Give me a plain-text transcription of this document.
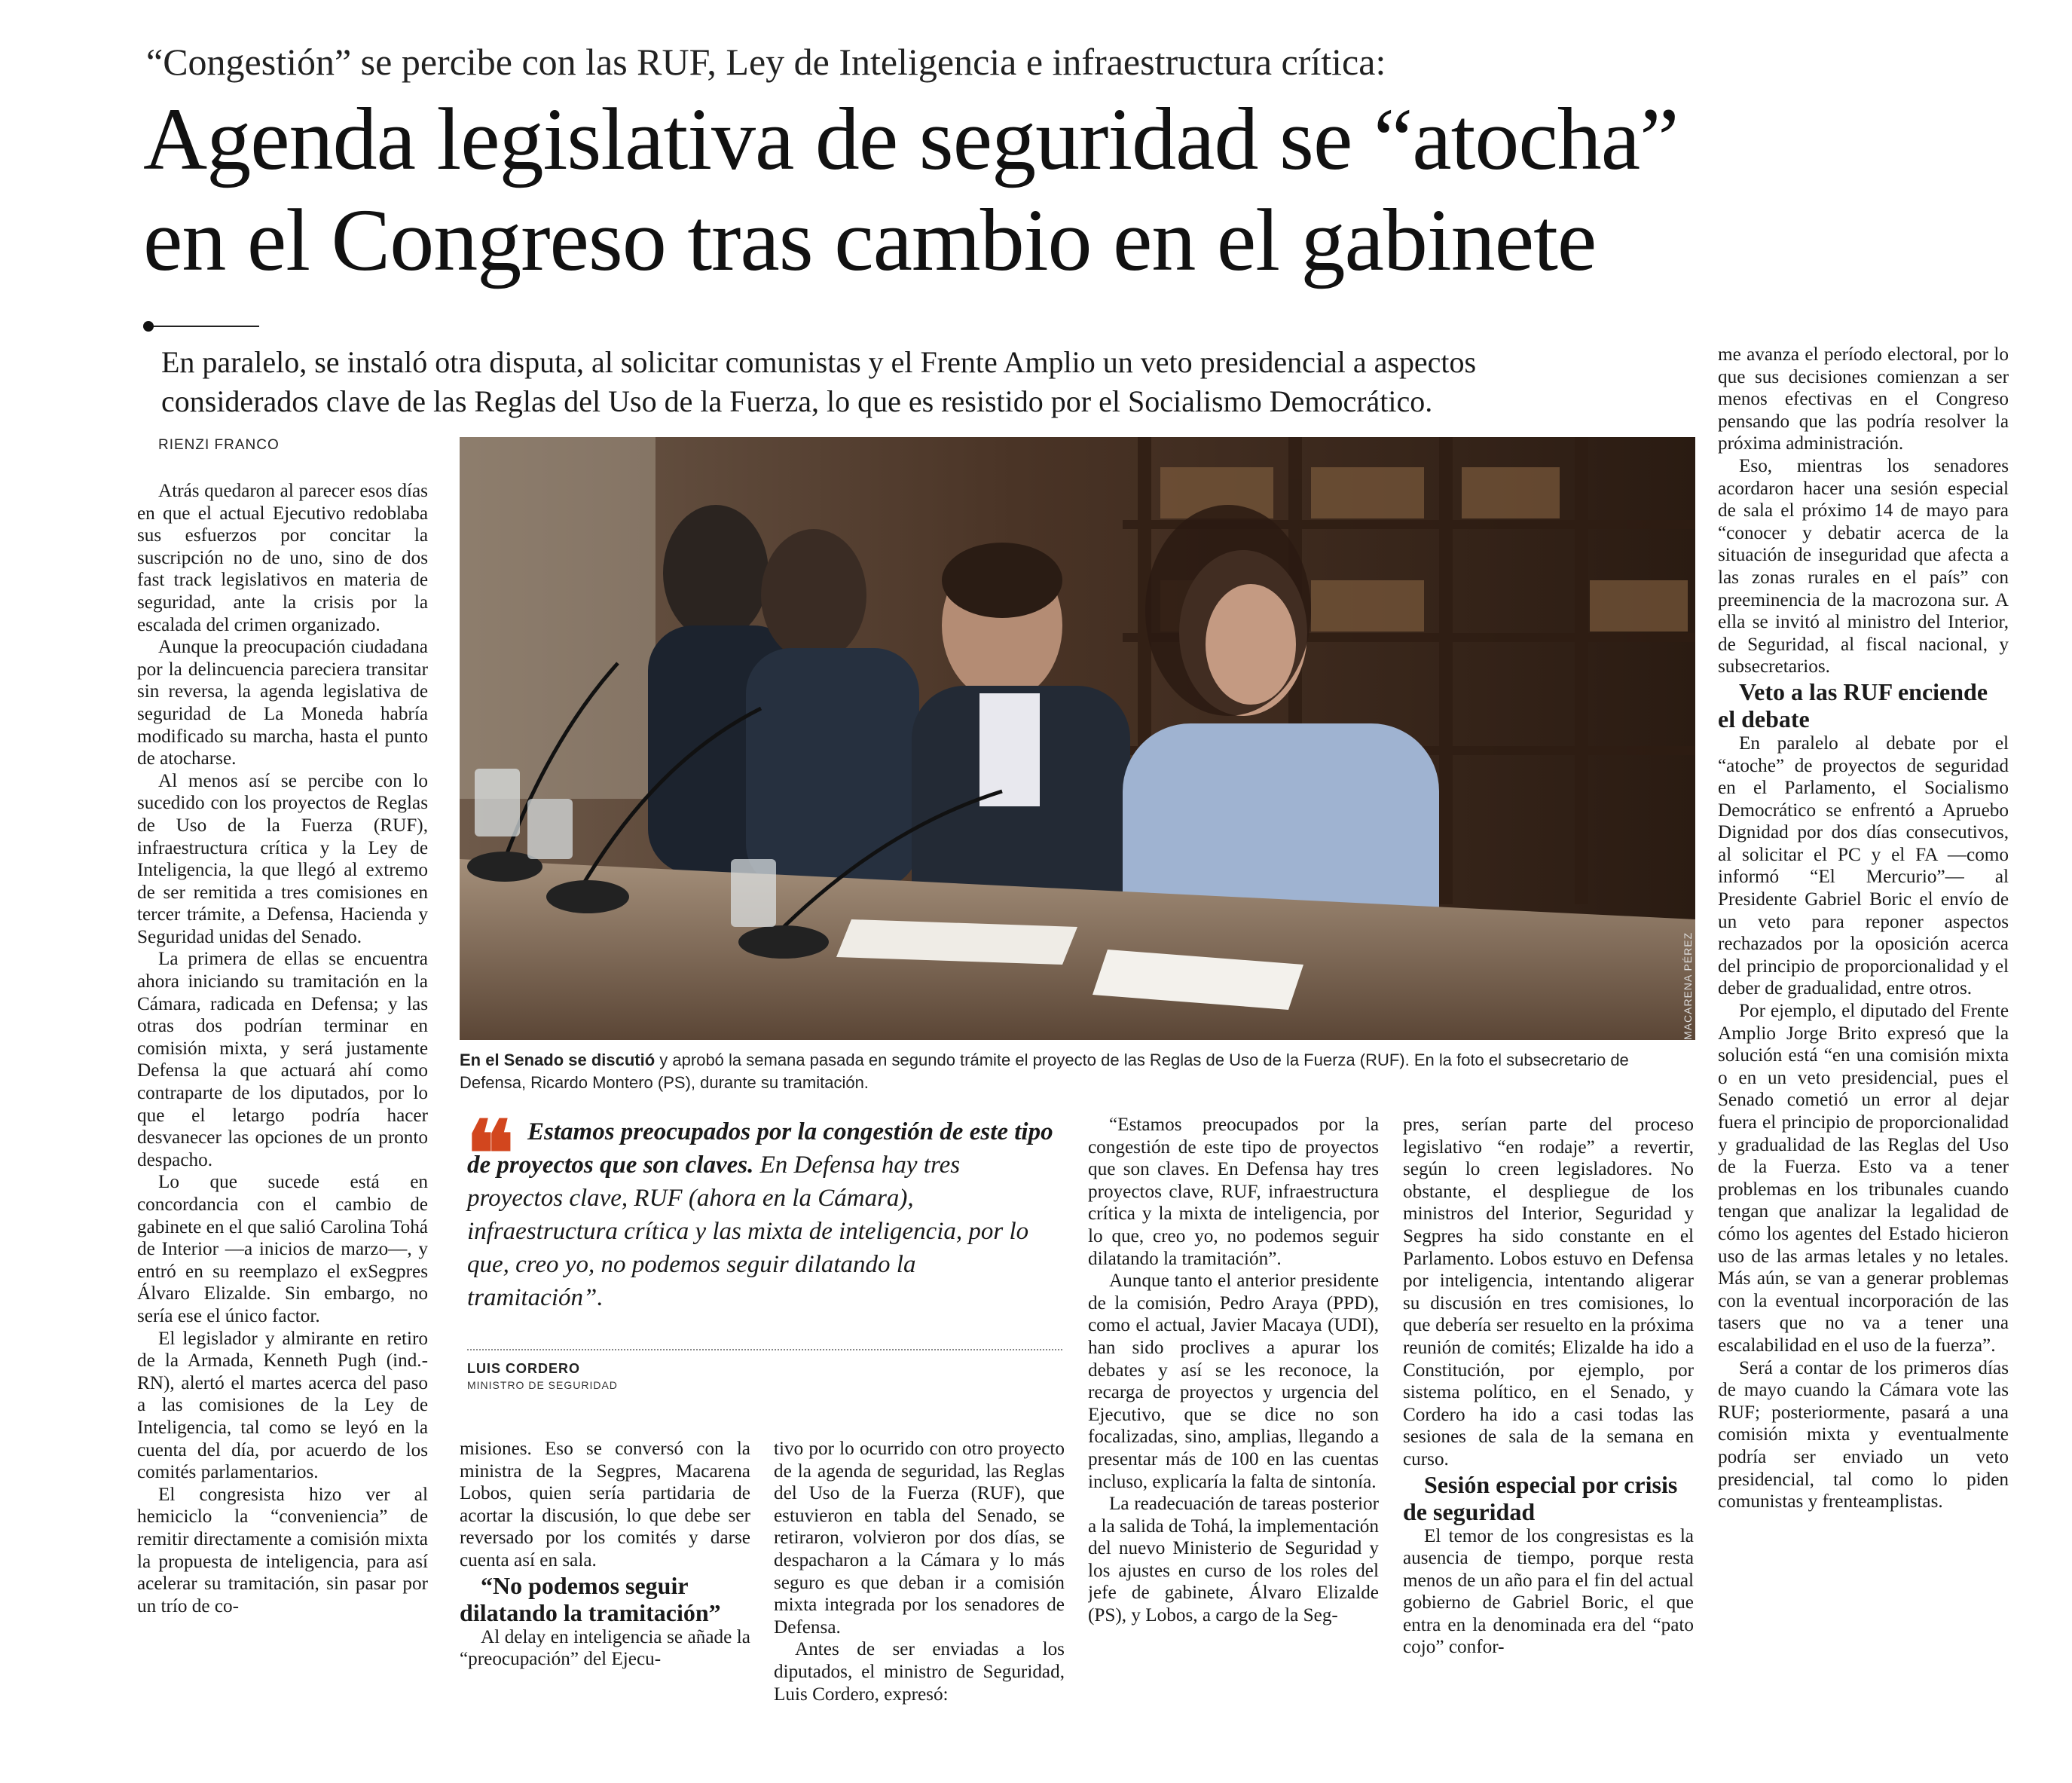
“Congestión” se percibe con las RUF, Ley de Inteligencia e infraestructura crítica:
Agenda legislativa de seguridad se “atocha”
en el Congreso tras cambio en el gabinete
En paralelo, se instaló otra disputa, al solicitar comunistas y el Frente Amplio un veto presidencial a aspectos
considerados clave de las Reglas del Uso de la Fuerza, lo que es resistido por el Socialismo Democrático.
RIENZI FRANCO

Atrás quedaron al parecer esos días en que el actual Ejecutivo redoblaba sus esfuerzos por concitar la suscripción no de uno, sino de dos fast track legislativos en materia de seguridad, ante la crisis por la escalada del crimen organizado.

Aunque la preocupación ciudadana por la delincuencia pareciera transitar sin reversa, la agenda legislativa de seguridad de La Moneda habría modificado su marcha, hasta el punto de atocharse.

Al menos así se percibe con lo sucedido con los proyectos de Reglas de Uso de la Fuerza (RUF), infraestructura crítica y la Ley de Inteligencia, la que llegó al extremo de ser remitida a tres comisiones en tercer trámite, a Defensa, Hacienda y Seguridad unidas del Senado.

La primera de ellas se encuentra ahora iniciando su tramitación en la Cámara, radicada en Defensa; y las otras dos podrían terminar en comisión mixta, y será justamente Defensa la que actuará ahí como contraparte de los diputados, por lo que el letargo podría hacer desvanecer las opciones de un pronto despacho.

Lo que sucede está en concordancia con el cambio de gabinete en el que salió Carolina Tohá de Interior —a inicios de marzo—, y entró en su reemplazo el exSegpres Álvaro Elizalde. Sin embargo, no sería ese el único factor.

El legislador y almirante en retiro de la Armada, Kenneth Pugh (ind.-RN), alertó el martes acerca del paso a las comisiones de la Ley de Inteligencia, tal como se leyó en la cuenta del día, por acuerdo de los comités parlamentarios.

El congresista hizo ver al hemiciclo la “conveniencia” de remitir directamente a comisión mixta la propuesta de inteligencia, para así acelerar su tramitación, sin pasar por un trío de co-

MACARENA PÉREZ
En el Senado se discutió y aprobó la semana pasada en segundo trámite el proyecto de las Reglas de Uso de la Fuerza (RUF). En la foto el subsecretario de Defensa, Ricardo Montero (PS), durante su tramitación.
❝ Estamos preocupados por la congestión de este tipo de proyectos que son claves. En Defensa hay tres proyectos clave, RUF (ahora en la Cámara), infraestructura crítica y las mixta de inteligencia, por lo que, creo yo, no podemos seguir dilatando la tramitación”.
LUIS CORDERO
MINISTRO DE SEGURIDAD

misiones. Eso se conversó con la ministra de la Segpres, Macarena Lobos, quien sería partidaria de acortar la discusión, lo que debe ser reversado por los comités y darse cuenta así en sala.

“No podemos seguir dilatando la tramitación”

Al delay en inteligencia se añade la “preocupación” del Ejecu-

tivo por lo ocurrido con otro proyecto de la agenda de seguridad, las Reglas del Uso de la Fuerza (RUF), que estuvieron en tabla del Senado, se retiraron, volvieron por dos días, se despacharon a la Cámara y lo más seguro es que deban ir a comisión mixta integrada por los senadores de Defensa.

Antes de ser enviadas a los diputados, el ministro de Seguridad, Luis Cordero, expresó:

“Estamos preocupados por la congestión de este tipo de proyectos que son claves. En Defensa hay tres proyectos clave, RUF, infraestructura crítica y la mixta de inteligencia, por lo que, creo yo, no podemos seguir dilatando la tramitación”.

Aunque tanto el anterior presidente de la comisión, Pedro Araya (PPD), como el actual, Javier Macaya (UDI), han sido proclives a apurar los debates y así se les reconoce, la recarga de proyectos y urgencia del Ejecutivo, que se dice no son focalizadas, sino, amplias, llegando a presentar más de 100 en las cuentas incluso, explicaría la falta de sintonía.

La readecuación de tareas posterior a la salida de Tohá, la implementación del nuevo Ministerio de Seguridad y los ajustes en curso de los roles del jefe de gabinete, Álvaro Elizalde (PS), y Lobos, a cargo de la Seg-

pres, serían parte del proceso legislativo “en rodaje” a revertir, según lo creen legisladores. No obstante, el despliegue de los ministros del Interior, Seguridad y Segpres ha sido constante en el Parlamento. Lobos estuvo en Defensa por inteligencia, intentando aligerar su discusión en tres comisiones, lo que debería ser resuelto en la próxima reunión de comités; Elizalde ha ido a Constitución, por ejemplo, por sistema político, en el Senado, y Cordero ha ido a casi todas las sesiones de sala de la semana en curso.

Sesión especial por crisis de seguridad

El temor de los congresistas es la ausencia de tiempo, porque resta menos de un año para el fin del actual gobierno de Gabriel Boric, el que entra en la denominada era del “pato cojo” confor-

me avanza el período electoral, por lo que sus decisiones comienzan a ser menos efectivas en el Congreso pensando que las podría resolver la próxima administración.

Eso, mientras los senadores acordaron hacer una sesión especial de sala el próximo 14 de mayo para “conocer y debatir acerca de la situación de inseguridad que afecta a las zonas rurales en el país” con preeminencia de la macrozona sur. A ella se invitó al ministro del Interior, de Seguridad, al fiscal nacional, y subsecretarios.

Veto a las RUF enciende el debate

En paralelo al debate por el “atoche” de proyectos de seguridad en el Parlamento, el Socialismo Democrático se enfrentó a Apruebo Dignidad por dos días consecutivos, al solicitar el PC y el FA —como informó “El Mercurio”— al Presidente Gabriel Boric el envío de un veto para reponer aspectos rechazados por la oposición acerca del principio de proporcionalidad y el deber de gradualidad, entre otros.

Por ejemplo, el diputado del Frente Amplio Jorge Brito expresó que la solución está “en una comisión mixta o en un veto presidencial, pues el Senado cometió un error al dejar fuera el principio de proporcionalidad y gradualidad de las Reglas del Uso de la Fuerza. Esto va a tener problemas en los tribunales cuando tengan que analizar la legalidad de cómo los agentes del Estado hicieron uso de las armas letales y no letales. Más aún, se van a generar problemas con la eventual incorporación de las tasers que no va a tener una escalabilidad en el uso de la fuerza”.

Será a contar de los primeros días de mayo cuando la Cámara vote las RUF; posteriormente, pasará a una comisión mixta y eventualmente podría ser enviado un veto presidencial, tal como lo piden comunistas y frenteamplistas.
